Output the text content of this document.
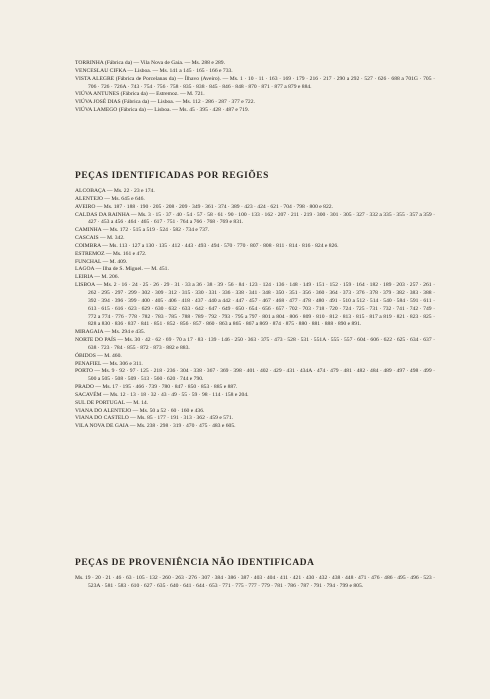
TORRINHA (Fábrica da) — Vila Nova de Gaia. — Ms. 288 e 289.
VENCESLAU CIFKA — Lisboa. — Ms. 141 a 145 · 165 · 166 e 733.
VISTA ALEGRE (Fábrica de Porcelanas da) — Ílhavo (Aveiro). — Ms. 1 · 10 · 11 · 163 · 169 · 179 · 216 · 217 · 290 a 292 · 527 · 626 · 688 a 701G · 705 · 706 · 726 · 726A · 743 · 754 · 756 · 758 · 835 · 838 · 845 · 846 · 848 · 870 · 871 · 877 a 879 e 884.
VIÚVA ANTUNES (Fábrica da) — Estremoz. — M. 721.
VIÚVA JOSÉ DIAS (Fábrica da) — Lisboa. — Ms. 112 · 286 · 287 · 377 e 722.
VIÚVA LAMEGO (Fábrica da) — Lisboa. — Ms. 45 · 395 · 428 · 487 e 719.
PEÇAS IDENTIFICADAS POR REGIÕES
ALCOBAÇA — Ms. 22 · 23 e 174.
ALENTEJO — Ms. 645 e 646.
AVEIRO — Ms. 187 · 188 · 190 · 205 · 208 · 209 · 349 · 361 · 374 · 389 · 423 · 424 · 621 · 704 · 798 · 800 e 822.
CALDAS DA RAINHA — Ms. 3 · 15 · 37 · 40 · 54 · 57 · 58 · 61 · 90 · 100 · 133 · 162 · 207 · 211 · 219 · 300 · 301 · 305 · 327 · 332 a 335 · 355 · 357 a 359 · 427 · 453 a 456 · 464 · 465 · 617 · 751 · 764 a 766 · 768 · 769 e 831.
CAMINHA — Ms. 172 · 515 a 519 · 524 · 582 · 734 e 737.
CASCAIS — M. 342.
COIMBRA — Ms. 113 · 127 a 130 · 135 · 412 · 443 · 493 · 494 · 570 · 770 · 807 · 808 · 811 · 814 · 816 · 824 e 826.
ESTREMOZ — Ms. 161 e 472.
FUNCHAL — M. 409.
LAGOA — Ilha de S. Miguel. — M. 451.
LEIRIA — M. 206.
LISBOA — Ms. 2 · 16 · 24 · 25 · 26 · 29 · 31 · 33 a 36 · 38 · 39 · 56 · 84 · 123 · 124 · 136 · 148 · 149 · 151 · 152 · 159 · 164 · 182 · 189 · 203 · 257 · 261 · 262 · 295 · 297 · 299 · 302 · 309 · 312 · 315 · 330 · 331 · 336 · 338 · 341 · 348 · 350 · 351 · 356 · 360 · 364 · 373 · 376 · 378 · 379 · 382 · 383 · 388 · 392 · 394 · 396 · 399 · 400 · 405 · 406 · 418 · 437 · 440 a 442 · 447 · 457 · 467 · 468 · 477 · 478 · 480 · 491 · 510 a 512 · 514 · 540 · 584 · 591 · 611 · 613 · 615 · 616 · 623 · 629 · 630 · 632 · 633 · 642 · 647 · 649 · 650 · 654 · 656 · 657 · 702 · 703 · 718 · 720 · 724 · 725 · 731 · 732 · 741 · 742 · 749 · 772 a 774 · 776 · 778 · 782 · 783 · 785 · 788 · 789 · 792 · 793 · 795 a 797 · 801 a 804 · 806 · 809 · 810 · 812 · 813 · 815 · 817 a 819 · 821 · 823 · 825 · 828 a 830 · 836 · 837 · 841 · 851 · 852 · 856 · 857 · 860 · 863 a 865 · 867 a 869 · 874 · 875 · 880 · 881 · 888 · 890 e 891.
MIRAGAIA — Ms. 294 e 435.
NORTE DO PAÍS — Ms. 30 · 42 · 62 · 69 · 70 a 17 · 83 · 139 · 146 · 250 · 363 · 375 · 473 · 528 · 531 · 551A · 555 · 557 · 604 · 606 · 622 · 625 · 634 · 637 · 638 · 723 · 784 · 855 · 872 · 873 · 882 e 883.
ÓBIDOS — M. 460.
PENAFIEL — Ms. 306 e 311.
PORTO — Ms. 9 · 92 · 97 · 125 · 218 · 236 · 304 · 338 · 367 · 369 · 398 · 401 · 402 · 429 · 431 · 434A · 474 · 479 · 481 · 482 · 484 · 489 · 497 · 498 · 499 · 500 a 505 · 508 · 509 · 513 · 560 · 620 · 744 e 790.
PRADO — Ms. 17 · 195 · 466 · 739 · 780 · 847 · 850 · 853 · 885 e 887.
SACAVÉM — Ms. 12 · 13 · 18 · 32 · 43 · 49 · 55 · 59 · 98 · 114 · 158 e 204.
SUL DE PORTUGAL — M. 14.
VIANA DO ALENTEJO — Ms. 50 a 52 · 60 · 160 e 436.
VIANA DO CASTELO — Ms. 85 · 177 · 191 · 313 · 362 · 459 e 571.
VILA NOVA DE GAIA — Ms. 238 · 298 · 319 · 470 · 475 · 483 e 605.
PEÇAS DE PROVENIÊNCIA NÃO IDENTIFICADA
Ms. 19 · 20 · 21 · 46 · 63 · 105 · 132 · 260 · 263 · 276 · 307 · 384 · 386 · 387 · 403 · 404 · 411 · 421 · 430 · 432 · 438 · 448 · 471 · 476 · 486 · 495 · 496 · 523 · 523A · 581 · 583 · 610 · 627 · 635 · 640 · 641 · 644 · 653 · 771 · 775 · 777 · 779 · 781 · 786 · 787 · 791 · 794 · 799 e 805.
